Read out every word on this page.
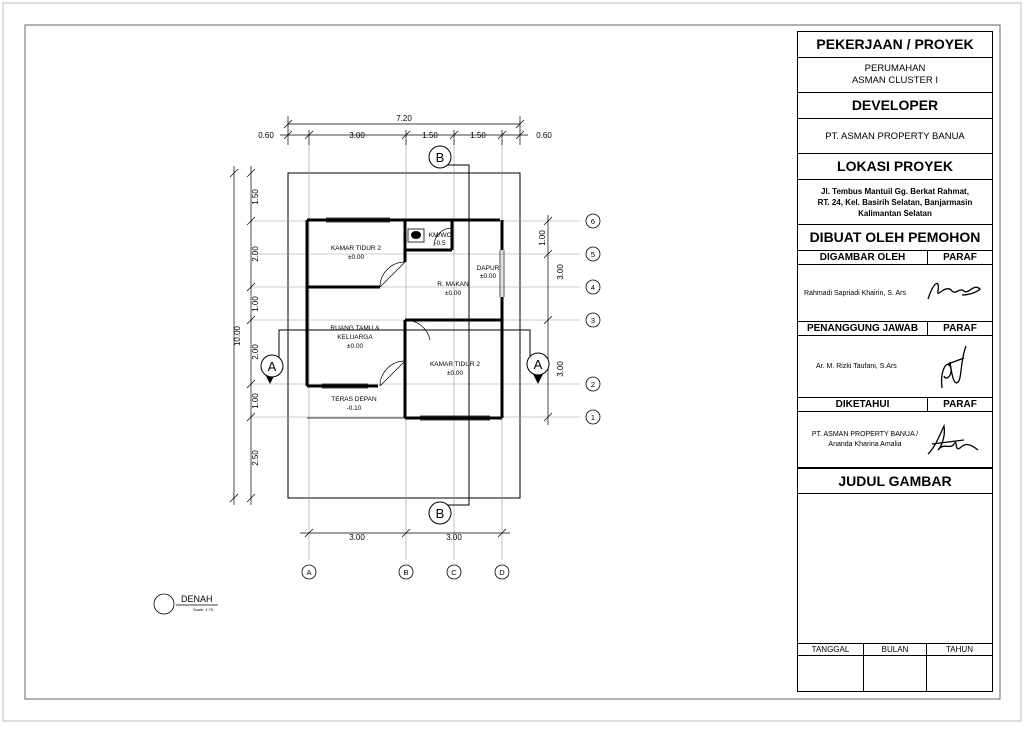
KAMAR TIDUR 2
±0.00
KM/WC
-0.5
DAPUR
±0.00
R. MAKAN
±0.00
RUANG TAMU &
KELUARGA
±0.00
KAMAR TIDUR 2
±0.00
TERAS DEPAN
-0.10
7.20
0.60	3.00	1.50	1.50	0.60
3.00	3.00
1.50
2.00
1.00
2.00
1.00
2.50
10.00
1.00
3.00
3.00
A	B	C	D
6
5
4
3
2
1
B
B
A	A
DENAH
Scale: 1:75
PEKERJAAN / PROYEK
PERUMAHAN
ASMAN CLUSTER I
DEVELOPER
PT. ASMAN PROPERTY BANUA
LOKASI PROYEK
Jl. Tembus Mantuil Gg. Berkat Rahmat,
RT. 24, Kel. Basirih Selatan, Banjarmasin
Kalimantan Selatan
DIBUAT OLEH PEMOHON
DIGAMBAR OLEH	PARAF
Rahmadi Sapriadi Khairin, S. Ars
PENANGGUNG JAWAB	PARAF
Ar. M. Rizki Taufani, S.Ars
DIKETAHUI	PARAF
PT. ASMAN PROPERTY BANUA /
Ananda Kharina Amalia
JUDUL GAMBAR
TANGGAL	BULAN	TAHUN
